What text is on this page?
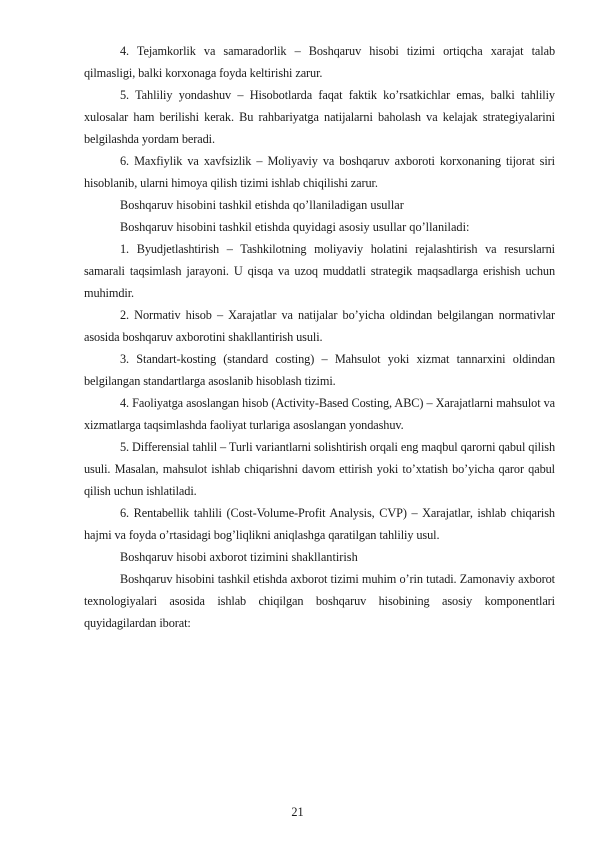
4. Tejamkorlik va samaradorlik – Boshqaruv hisobi tizimi ortiqcha xarajat talab qilmasligi, balki korxonaga foyda keltirishi zarur.

5. Tahliliy yondashuv – Hisobotlarda faqat faktik ko’rsatkichlar emas, balki tahliliy xulosalar ham berilishi kerak. Bu rahbariyatga natijalarni baholash va kelajak strategiyalarini belgilashda yordam beradi.

6. Maxfiylik va xavfsizlik – Moliyaviy va boshqaruv axboroti korxonaning tijorat siri hisoblanib, ularni himoya qilish tizimi ishlab chiqilishi zarur.

Boshqaruv hisobini tashkil etishda qo’llaniladigan usullar

Boshqaruv hisobini tashkil etishda quyidagi asosiy usullar qo’llaniladi:

1. Byudjetlashtirish – Tashkilotning moliyaviy holatini rejalashtirish va resurslarni samarali taqsimlash jarayoni. U qisqa va uzoq muddatli strategik maqsadlarga erishish uchun muhimdir.

2. Normativ hisob – Xarajatlar va natijalar bo’yicha oldindan belgilangan normativlar asosida boshqaruv axborotini shakllantirish usuli.

3. Standart-kosting (standard costing) – Mahsulot yoki xizmat tannarxini oldindan belgilangan standartlarga asoslanib hisoblash tizimi.

4. Faoliyatga asoslangan hisob (Activity-Based Costing, ABC) – Xarajatlarni mahsulot va xizmatlarga taqsimlashda faoliyat turlariga asoslangan yondashuv.

5. Differensial tahlil – Turli variantlarni solishtirish orqali eng maqbul qarorni qabul qilish usuli. Masalan, mahsulot ishlab chiqarishni davom ettirish yoki to’xtatish bo’yicha qaror qabul qilish uchun ishlatiladi.

6. Rentabellik tahlili (Cost-Volume-Profit Analysis, CVP) – Xarajatlar, ishlab chiqarish hajmi va foyda o’rtasidagi bog’liqlikni aniqlashga qaratilgan tahliliy usul.

Boshqaruv hisobi axborot tizimini shakllantirish

Boshqaruv hisobini tashkil etishda axborot tizimi muhim o’rin tutadi. Zamonaviy axborot texnologiyalari asosida ishlab chiqilgan boshqaruv hisobining asosiy komponentlari quyidagilardan iborat:

21
